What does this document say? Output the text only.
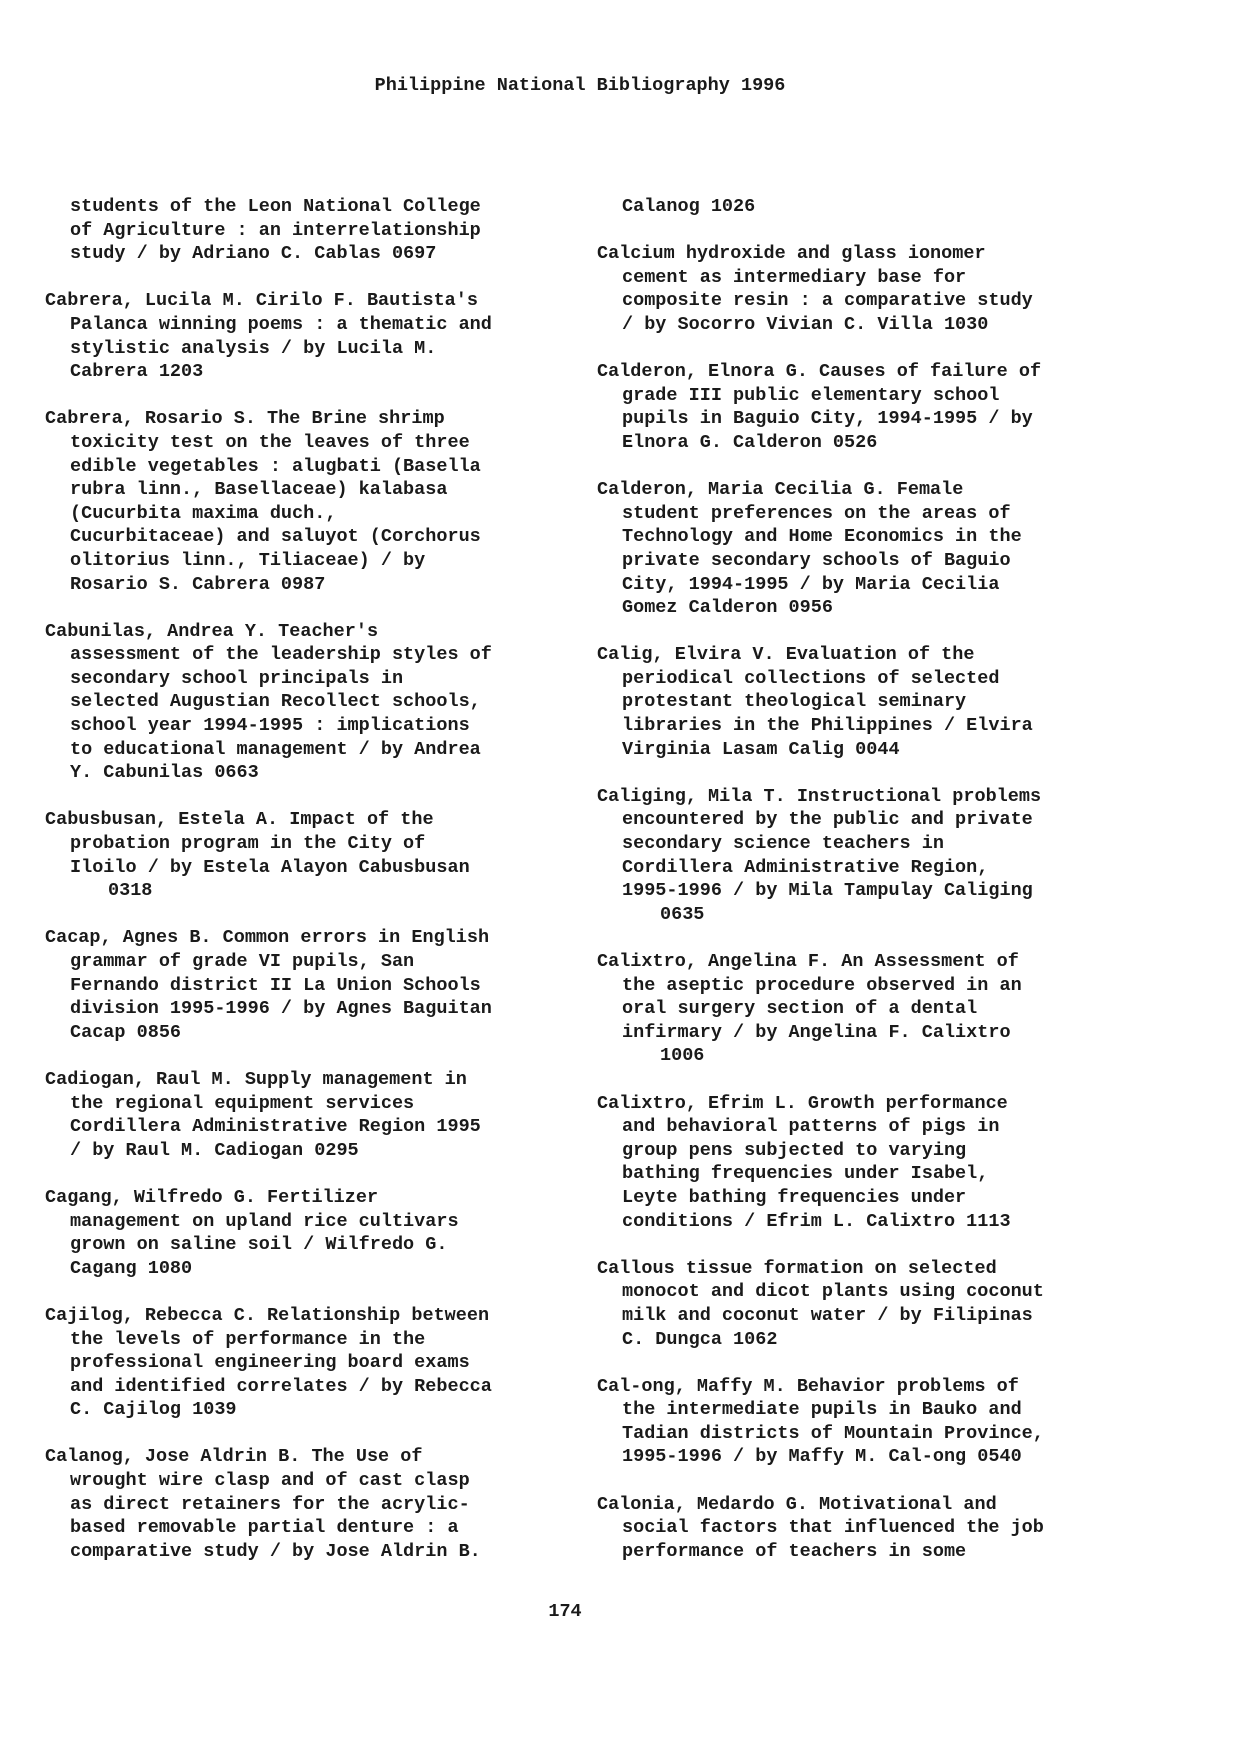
Philippine National Bibliography 1996
students of the Leon National College
of Agriculture : an interrelationship
study / by Adriano C. Cablas 0697
Cabrera, Lucila M. Cirilo F. Bautista's
Palanca winning poems : a thematic and
stylistic analysis / by Lucila M.
Cabrera 1203
Cabrera, Rosario S. The Brine shrimp
toxicity test on the leaves of three
edible vegetables : alugbati (Basella
rubra linn., Basellaceae) kalabasa
(Cucurbita maxima duch.,
Cucurbitaceae) and saluyot (Corchorus
olitorius linn., Tiliaceae) / by
Rosario S. Cabrera 0987
Cabunilas, Andrea Y. Teacher's
assessment of the leadership styles of
secondary school principals in
selected Augustian Recollect schools,
school year 1994-1995 : implications
to educational management / by Andrea
Y. Cabunilas 0663
Cabusbusan, Estela A. Impact of the
probation program in the City of
Iloilo / by Estela Alayon Cabusbusan
0318
Cacap, Agnes B. Common errors in English
grammar of grade VI pupils, San
Fernando district II La Union Schools
division 1995-1996 / by Agnes Baguitan
Cacap 0856
Cadiogan, Raul M. Supply management in
the regional equipment services
Cordillera Administrative Region 1995
/ by Raul M. Cadiogan 0295
Cagang, Wilfredo G. Fertilizer
management on upland rice cultivars
grown on saline soil / Wilfredo G.
Cagang 1080
Cajilog, Rebecca C. Relationship between
the levels of performance in the
professional engineering board exams
and identified correlates / by Rebecca
C. Cajilog 1039
Calanog, Jose Aldrin B. The Use of
wrought wire clasp and of cast clasp
as direct retainers for the acrylic-
based removable partial denture : a
comparative study / by Jose Aldrin B.
Calanog 1026
Calcium hydroxide and glass ionomer
cement as intermediary base for
composite resin : a comparative study
/ by Socorro Vivian C. Villa 1030
Calderon, Elnora G. Causes of failure of
grade III public elementary school
pupils in Baguio City, 1994-1995 / by
Elnora G. Calderon 0526
Calderon, Maria Cecilia G. Female
student preferences on the areas of
Technology and Home Economics in the
private secondary schools of Baguio
City, 1994-1995 / by Maria Cecilia
Gomez Calderon 0956
Calig, Elvira V. Evaluation of the
periodical collections of selected
protestant theological seminary
libraries in the Philippines / Elvira
Virginia Lasam Calig 0044
Caliging, Mila T. Instructional problems
encountered by the public and private
secondary science teachers in
Cordillera Administrative Region,
1995-1996 / by Mila Tampulay Caliging
0635
Calixtro, Angelina F. An Assessment of
the aseptic procedure observed in an
oral surgery section of a dental
infirmary / by Angelina F. Calixtro
1006
Calixtro, Efrim L. Growth performance
and behavioral patterns of pigs in
group pens subjected to varying
bathing frequencies under Isabel,
Leyte bathing frequencies under
conditions / Efrim L. Calixtro 1113
Callous tissue formation on selected
monocot and dicot plants using coconut
milk and coconut water / by Filipinas
C. Dungca 1062
Cal-ong, Maffy M. Behavior problems of
the intermediate pupils in Bauko and
Tadian districts of Mountain Province,
1995-1996 / by Maffy M. Cal-ong 0540
Calonia, Medardo G. Motivational and
social factors that influenced the job
performance of teachers in some
174
